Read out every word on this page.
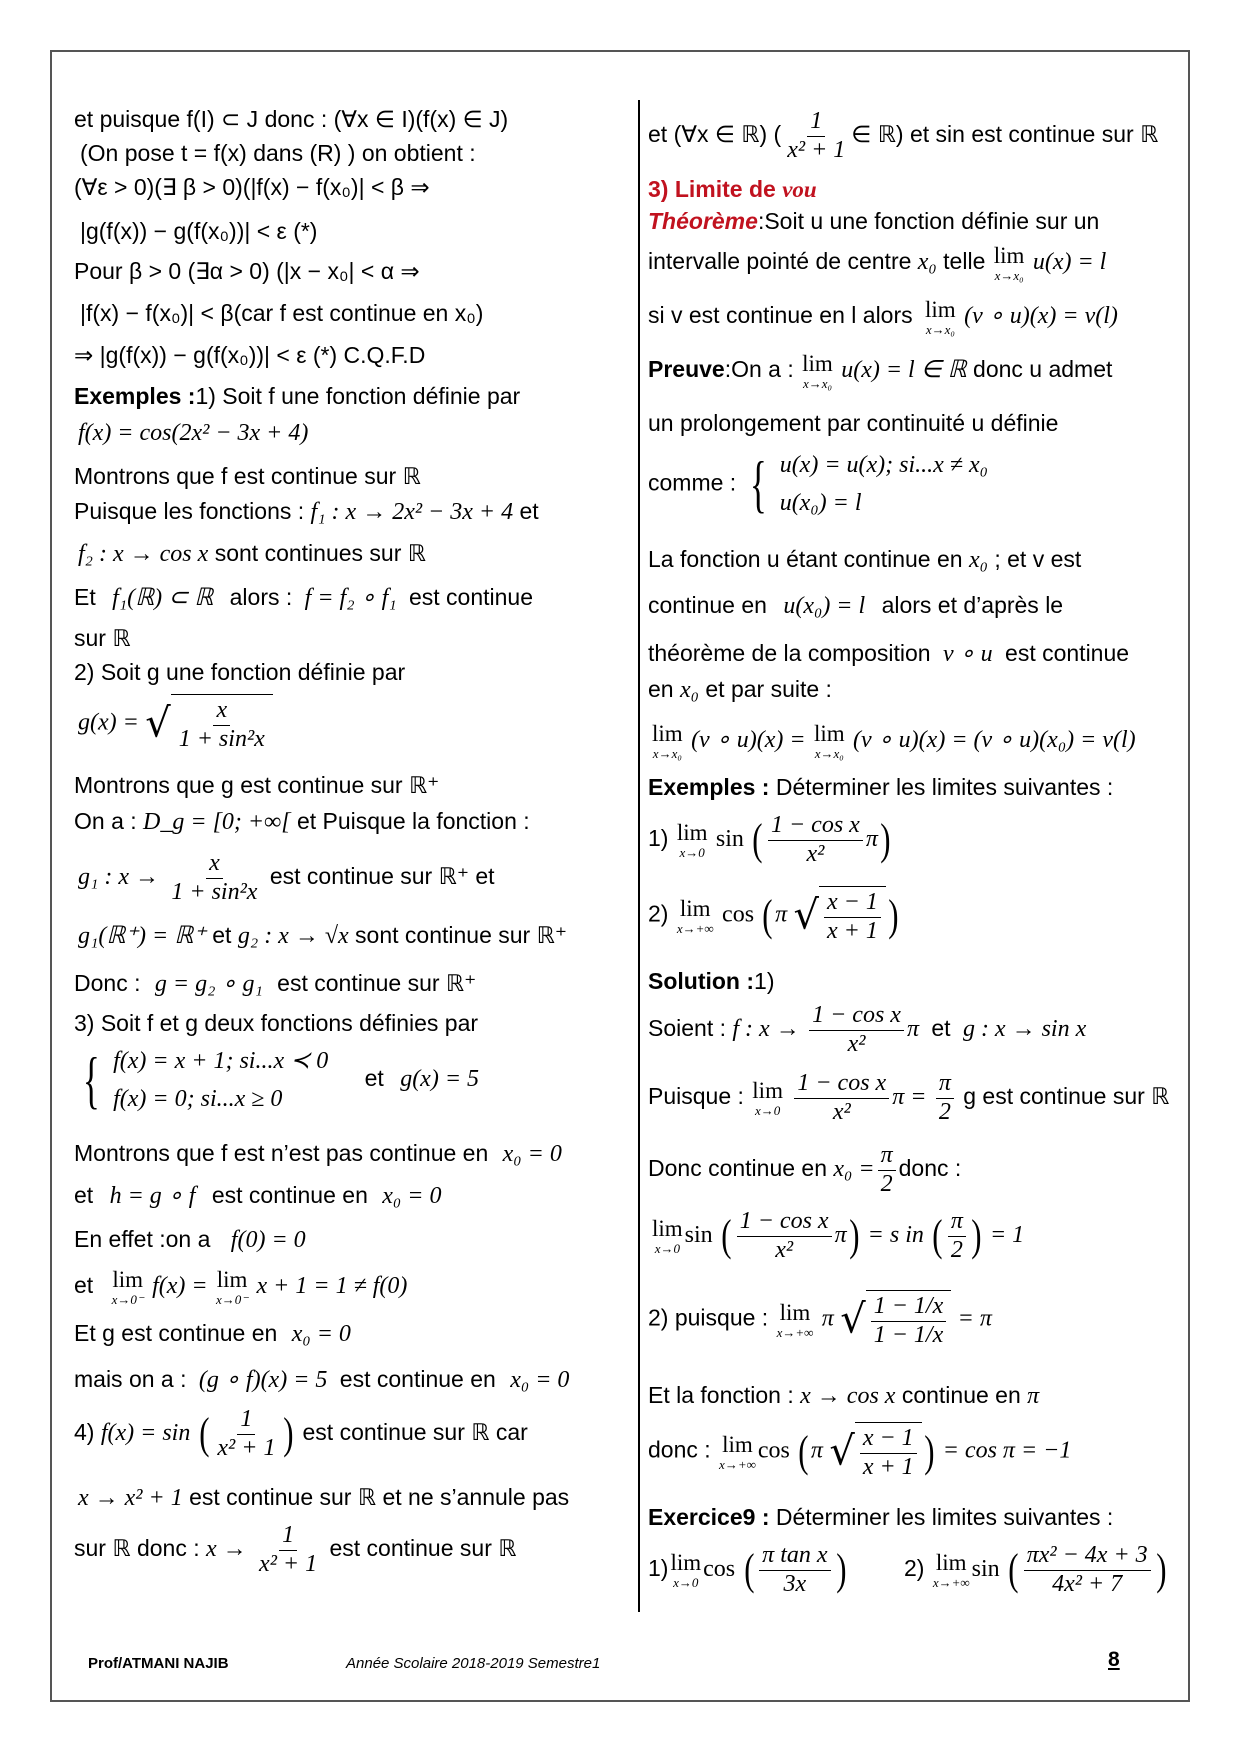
et puisque f(I) ⊂ J donc : (∀x ∈ I)(f(x) ∈ J)
(On pose t = f(x) dans (R) ) on obtient :
(∀ε > 0)(∃ β > 0)(|f(x) − f(x₀)| < β ⇒
|g(f(x)) − g(f(x₀))| < ε (*)
Pour β > 0 (∃α > 0) (|x − x₀| < α ⇒
|f(x) − f(x₀)| < β(car f est continue en x₀)
⇒ |g(f(x)) − g(f(x₀))| < ε (*) C.Q.F.D
Exemples :1) Soit f une fonction définie par
f(x) = cos(2x² − 3x + 4)
Montrons que f est continue sur ℝ
Puisque les fonctions : f₁ : x → 2x² − 3x + 4 et
f₂ : x → cos x sont continues sur ℝ
Et f₁(ℝ) ⊂ ℝ alors : f = f₂ ∘ f₁ est continue
sur ℝ
2) Soit g une fonction définie par
g(x) = √ $\frac{x}{\text{1 + sin²x}}$
Montrons que g est continue sur ℝ⁺
On a : D_g = [0; +∞[ et Puisque la fonction :
g₁ : $x \to \frac{x}{\text{1 + sin²x}}$ est continue sur ℝ⁺ et
g₁(ℝ⁺) = ℝ⁺ et g₂ : x → √x sont continue sur ℝ⁺
Donc : g = g₂ ∘ g₁ est continue sur ℝ⁺
3) Soit f et g deux fonctions définies par
{ f(x) = x + 1; si...x ≺ 0
f(x) = 0; si...x ≥ 0
et g(x) = 5
Montrons que f est n’est pas continue en x₀ = 0
et h = g ∘ f est continue en x₀ = 0
En effet :on a f(0) = 0
et lim
x→0⁻
f(x) = lim
x→0⁻
x + 1 = 1 ≠ f(0)
Et g est continue en x₀ = 0
mais on a : (g ∘ f)(x) = 5 est continue en x₀ = 0
4) f(x) = sin ( $\frac{1}{\text{x² + 1}}$ ) est continue sur ℝ car
x → x² + 1 est continue sur ℝ et ne s’annule pas
sur ℝ donc : $x \to \frac{1}{\text{x² + 1}}$ est continue sur ℝ
et (∀x ∈ ℝ) ( $\frac{1}{\text{x² + 1}}$ ∈ ℝ) et sin est continue sur ℝ
3) Limite de vou
Théorème:Soit u une fonction définie sur un
intervalle pointé de centre x₀ telle lim
x→x₀
u(x) = l
si v est continue en l alors lim
x→x₀
(v ∘ u)(x) = v(l)
Preuve:On a : lim
x→x₀
u(x) = l ∈ ℝ donc u admet
un prolongement par continuité u définie
comme : { u(x) = u(x); si...x ≠ x₀
u(x₀) = l
La fonction u étant continue en x₀ ; et v est
continue en u(x₀) = l alors et d’après le
théorème de la composition v ∘ u est continue
en x₀ et par suite :
lim
x→x₀
(v ∘ u)(x) = lim
x→x₀
(v ∘ u)(x) = (v ∘ u)(x₀) = v(l)
Exemples : Déterminer les limites suivantes :
1) lim
x→0
sin ( $\frac{\text{1 − cos x}}{\text{x²}} \pi$)
2) lim
x→+∞
cos (π √ $\frac{x - 1}{x + 1}$ )
Solution :1)
Soient : f : $x \to \frac{\text{1 − cos x}}{\text{x²}}$ π et g : x → sin x
Puisque : lim
x→0
$\frac{\text{1 − cos x}}{\text{x²}}$ $\pi = \frac{\pi}{2}$ g est continue sur ℝ
Donc continue en $x_0 = \frac{\pi}{2}$ donc :
lim
x→0
sin ( $\frac{\text{1 − cos x}}{\text{x²}} \pi) = s$ in ( $\frac{\pi}{2}$ ) = 1
2) puisque : lim
x→+∞
π √ $\frac{1 - 1/x}{1 - 1/x} = \pi$
Et la fonction : x → cos x continue en π
donc : lim
x→+∞
cos (π √ $\frac{x - 1}{x + 1}$ ) = cos π = −1
Exercice9 : Déterminer les limites suivantes :
1) lim
x→0
cos ( $\frac{\text{π tan x}}{3x}$ )	2) lim
x→+∞
sin ( $\frac{\text{πx² − 4x + 3}}{\text{4x² + 7}}$ )
Prof/ATMANI NAJIB	Année Scolaire 2018-2019 Semestre1	8
